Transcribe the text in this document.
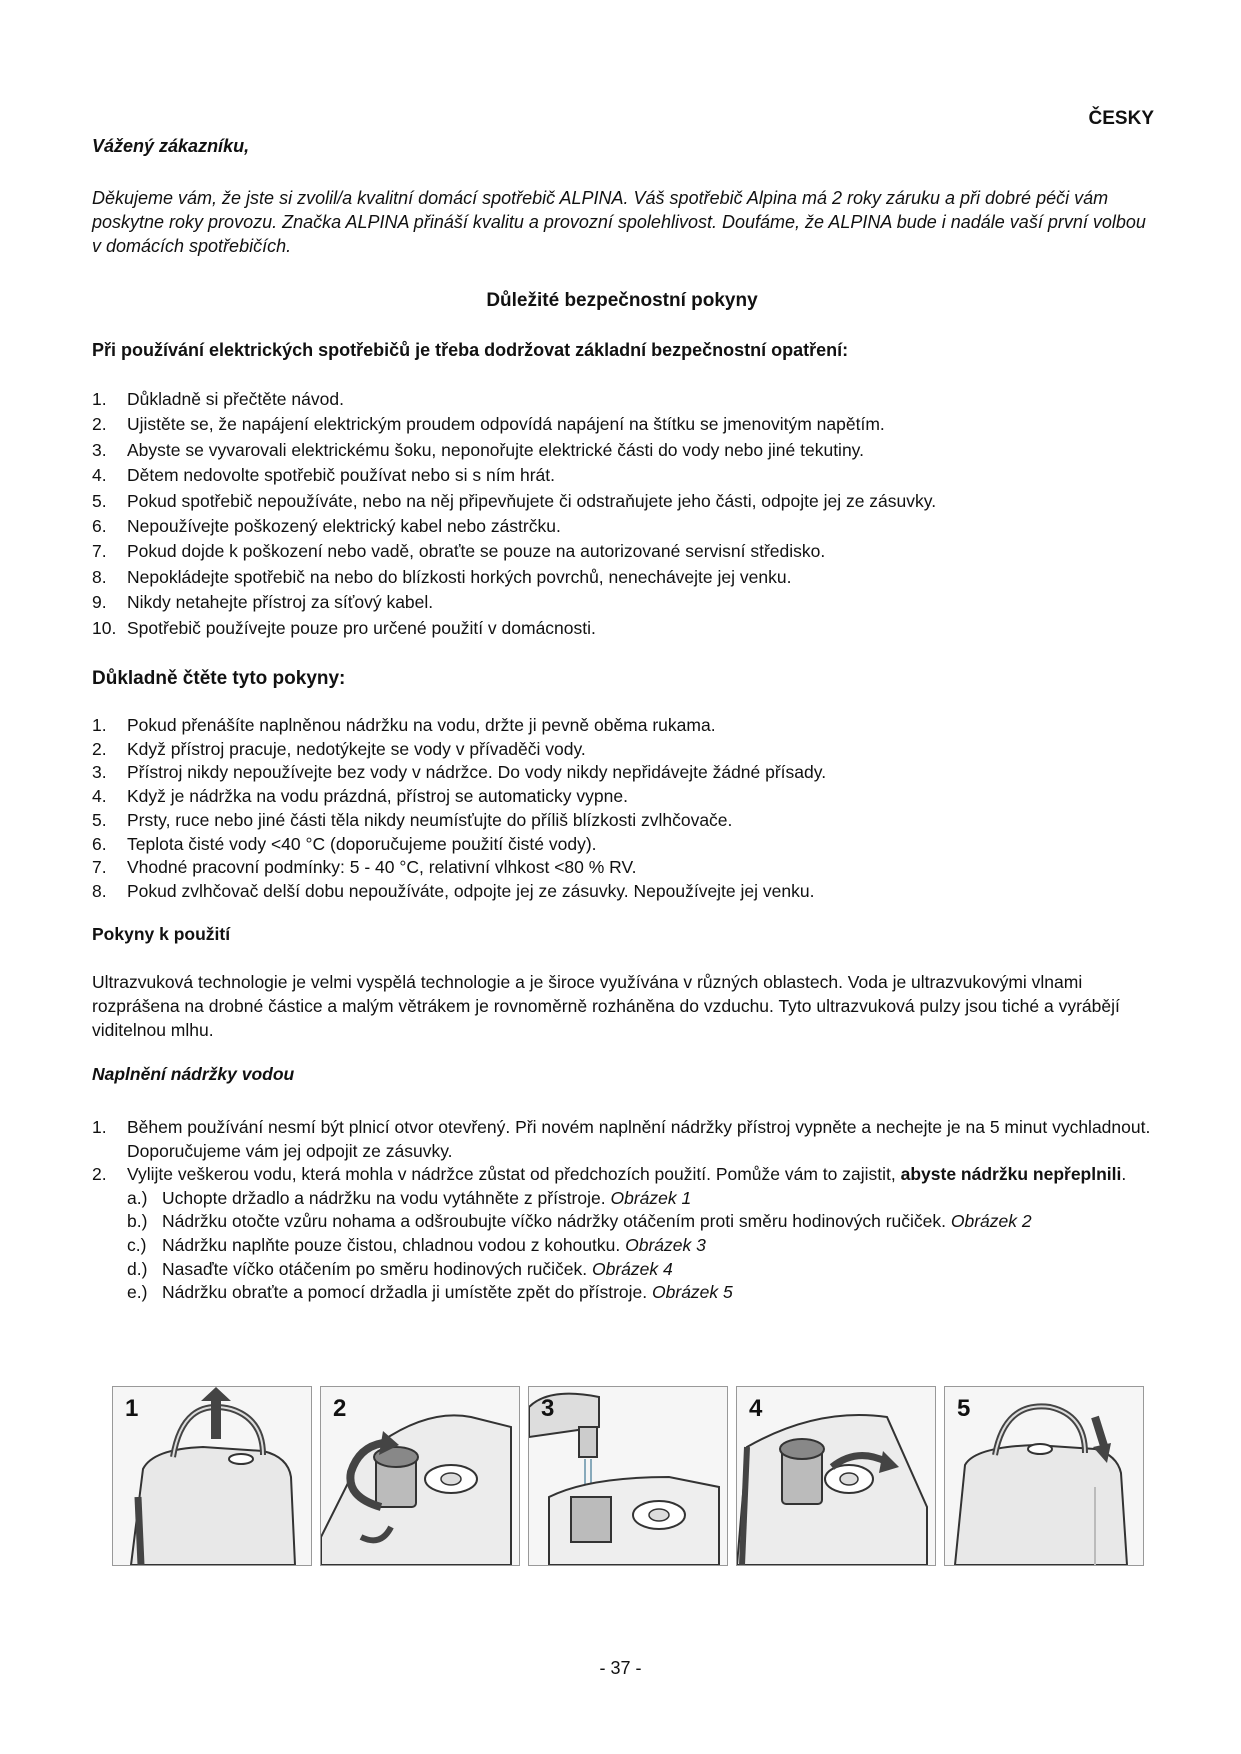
ČESKY

Vážený zákazníku,

Děkujeme vám, že jste si zvolil/a kvalitní domácí spotřebič ALPINA. Váš spotřebič Alpina má 2 roky záruku a při dobré péči vám poskytne roky provozu. Značka ALPINA přináší kvalitu a provozní spolehlivost. Doufáme, že ALPINA bude i nadále vaší první volbou v domácích spotřebičích.

Důležité bezpečnostní pokyny

Při používání elektrických spotřebičů je třeba dodržovat základní bezpečnostní opatření:

1. Důkladně si přečtěte návod.
2. Ujistěte se, že napájení elektrickým proudem odpovídá napájení na štítku se jmenovitým napětím.
3. Abyste se vyvarovali elektrickému šoku, neponořujte elektrické části do vody nebo jiné tekutiny.
4. Dětem nedovolte spotřebič používat nebo si s ním hrát.
5. Pokud spotřebič nepoužíváte, nebo na něj připevňujete či odstraňujete jeho části, odpojte jej ze zásuvky.
6. Nepoužívejte poškozený elektrický kabel nebo zástrčku.
7. Pokud dojde k poškození nebo vadě, obraťte se pouze na autorizované servisní středisko.
8. Nepokládejte spotřebič na nebo do blízkosti horkých povrchů, nenechávejte jej venku.
9. Nikdy netahejte přístroj za síťový kabel.
10. Spotřebič používejte pouze pro určené použití v domácnosti.
Důkladně čtěte tyto pokyny:
1. Pokud přenášíte naplněnou nádržku na vodu, držte ji pevně oběma rukama.
2. Když přístroj pracuje, nedotýkejte se vody v přívaděči vody.
3. Přístroj nikdy nepoužívejte bez vody v nádržce. Do vody nikdy nepřidávejte žádné přísady.
4. Když je nádržka na vodu prázdná, přístroj se automaticky vypne.
5. Prsty, ruce nebo jiné části těla nikdy neumísťujte do příliš blízkosti zvlhčovače.
6. Teplota čisté vody <40 °C (doporučujeme použití čisté vody).
7. Vhodné pracovní podmínky: 5 - 40 °C, relativní vlhkost <80 % RV.
8. Pokud zvlhčovač delší dobu nepoužíváte, odpojte jej ze zásuvky. Nepoužívejte jej venku.
Pokyny k použití

Ultrazvuková technologie je velmi vyspělá technologie a je široce využívána v různých oblastech. Voda je ultrazvukovými vlnami rozprášena na drobné částice a malým větrákem je rovnoměrně rozháněna do vzduchu. Tyto ultrazvuková pulzy jsou tiché a vyrábějí viditelnou mlhu.

Naplnění nádržky vodou
1. Během používání nesmí být plnicí otvor otevřený. Při novém naplnění nádržky přístroj vypněte a nechejte je na 5 minut vychladnout. Doporučujeme vám jej odpojit ze zásuvky.
2. Vylijte veškerou vodu, která mohla v nádržce zůstat od předchozích použití. Pomůže vám to zajistit, abyste nádržku nepřeplnili.
a.) Uchopte držadlo a nádržku na vodu vytáhněte z přístroje. Obrázek 1
b.) Nádržku otočte vzůru nohama a odšroubujte víčko nádržky otáčením proti směru hodinových ručiček. Obrázek 2
c.) Nádržku naplňte pouze čistou, chladnou vodou z kohoutku. Obrázek 3
d.) Nasaďte víčko otáčením po směru hodinových ručiček. Obrázek 4
e.) Nádržku obraťte a pomocí držadla ji umístěte zpět do přístroje. Obrázek 5
1	2	3	4	5
- 37 -
